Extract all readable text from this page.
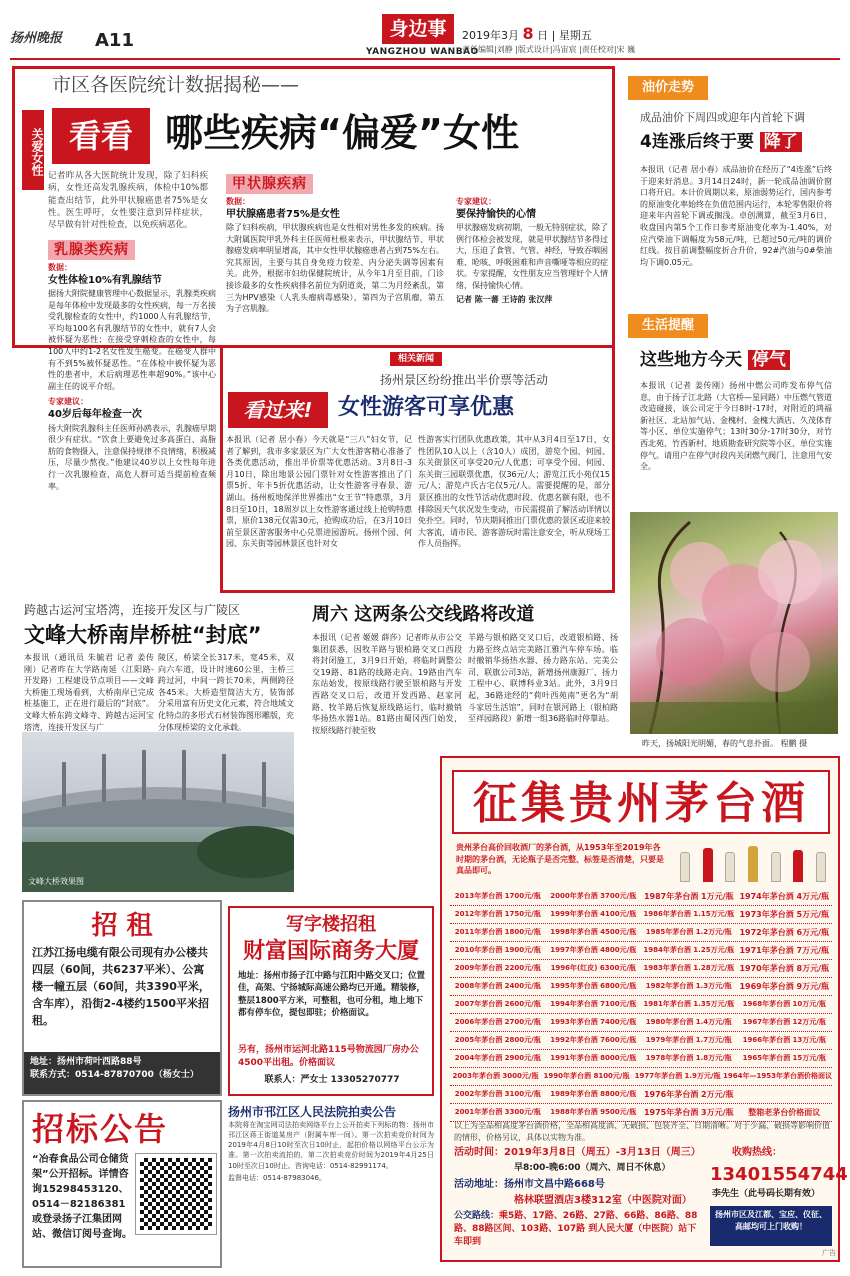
扬州晚报 A11
身边事
YANGZHOU WANBAO
2019年3月 8 日 | 星期五
责任编辑|刘静 |版式设计|冯宙宸 |责任校对|宋 巍
关爱女性
市区各医院统计数据揭秘——
看看 哪些疾病“偏爱”女性

记者昨从各大医院统计发现，除了妇科疾病，女性还高发乳腺疾病，体检中10%都能查出结节，此外甲状腺癌患者75%是女性。医生呼吁，女性要注意到异样症状，尽早做有针对性检查，以免疾病恶化。

乳腺类疾病
数据：
女性体检10%有乳腺结节

据扬大附院健康管理中心数据显示，乳腺类疾病是每年体检中发现最多的女性疾病，每一万名接受乳腺检查的女性中，约1000人有乳腺结节，平均每100名有乳腺结节的女性中，就有7人会被怀疑为恶性；在接受穿刺检查的女性中，每100人中约1-2名女性发生癌变。在癌变人群中有不到5%被怀疑恶性。“在体检中被怀疑为恶性的患者中，术后病理恶性率超90%。”该中心副主任的说平介绍。

专家建议：
40岁后每年检查一次

扬大附院乳腺科主任医师孙鸥表示，乳腺癌早期很少有症状。“饮食上要避免过多高蛋白、高脂肪的食物摄入，注意保持规律不良情绪，积极减压，尽量少熬夜。”他建议40岁以上女性每年进行一次乳腺检查，高危人群可适当提前检查频率。

甲状腺疾病
数据：
甲状腺癌患者75%是女性

除了妇科疾病，甲状腺疾病也是女性相对男性多发的疾病。扬大附属医院甲乳外科主任医师杜根来表示，甲状腺结节、甲状腺癌发病率明显增高，其中女性甲状腺癌患者占到75%左右。究其原因，主要与其自身免疫力较差、内分泌失调等因素有关。此外，根据市妇幼保健院统计，从今年1月至目前，门诊接诊最多的女性疾病排名前位为阴道炎，第二为月经紊乱，第三为HPV感染（人乳头瘤病毒感染），第四为子宫肌瘤，第五为子宫肌腺。

专家建议：
要保持愉快的心情

甲状腺癌发病初期，一般无特别症状，除了例行体检会被发现，就是甲状腺结节多得过大，压迫了食管、气管、神经，导致吞咽困难、呛咳、呼吸困难和声音嘶哑等相应的症状。专家提醒，女性朋友应当管理好个人情绪，保持愉快心情。

记者 陈一蕃 王诗韵 张汉萍

相关新闻
扬州景区纷纷推出半价票等活动
看过来!	女性游客可享优惠

本报讯（记者 居小春）今天就是“三八”妇女节，记者了解到，我市多家景区为广大女性游客精心准备了各类优惠活动，推出半价票等优惠活动。3月8日-3月10日，除出地景公园门票针对女性游客推出了门票5折、年卡5折优惠活动，让女性游客寻春景、游湖山。扬州板地保洋世界推出“女王节”特惠票，3月8日至10日，18周岁以上女性游客通过线上抢购特惠票，原价138元仅需30元，抢购成功后，在3月10日前至景区游客服务中心兑票进园游玩。扬州个园、何园、东关街等园林景区也针对女

性游客实行团队优惠政策，其中从3月4日至17日，女性团队10人以上（含10人）成团，游览个园、何园、东关街景区可享受20元/人优惠；可享受个园、何园、东关街三园联票优惠，仅36元/人；游览江氏小苑仅15元/人；游览卢氏古宅仅5元/人。需要提醒的是，部分景区推出的女性节活动优惠时段、优惠名额有限，也不排除因天气状况发生变动，市民需提前了解活动详情以免扑空。同时，节庆期间推出门票优惠的景区或迎来较大客流，请市民、游客游玩时需注意安全，听从现场工作人员指挥。

油价走势
成品油价下周四或迎年内首轮下调
4连涨后终于要 降了

本报讯（记者 居小春）成品油价在经历了“4连涨”后终于迎来好消息。3月14日24时，新一轮成品油调价窗口将开启。本计价周期以来，原油弱势运行，国内参考的原油变化率始终在负值范围内运行，本轮零售限价将迎来年内首轮下调或搁浅。卓创测算，截至3月6日，收盘国内第5个工作日参考原油变化率为-1.40%，对应汽柴油下调幅度为58元/吨，已超过50元/吨的调价红线。按目前调整幅度折合升价，92#汽油与0#柴油均下调0.05元。

生活提醒
这些地方今天 停气

本报讯（记者 姜传刚）扬州中燃公司昨发布停气信息，由于扬子江北路（大官桥—星同路）中压燃气管道改造碰接，该公司定于今日8时-17时，对附近的鸿福新社区、北站加气站、金槐村、金槐大酒店、久茂体育等小区、单位实施停气；13时30分-17时30分，对竹西北苑、竹西新村、地质勘查研究院等小区、单位实施停气。请用户在停气时段内关闭燃气阀门，注意用气安全。

昨天，扬城阳光明媚，春的气息扑面。 程鹏 摄
跨越古运河宝塔湾，连接开发区与广陵区
文峰大桥南岸桥桩“封底”

本报讯（通讯员 朱毓君 记者 姜传刚）记者昨在大学路南延（江阳路-开发路）工程建设节点项目——文峰大桥施工现场看到，大桥南岸已完成桩基施工，正在进行最后的“封底”。文峰大桥东跨文峰寺、跨越古运河宝塔湾，连接开发区与广

陵区，桥梁全长317米，宽45米，双向六车道，设计时速60公里，主桥三跨过河，中间一跨长70米，两侧跨径各45米。大桥造型简洁大方，装饰部分采用富有历史文化元素，符合地域文化特点的多形式石材装饰图形雕版，充分体现桥梁的文化承载。

文峰大桥效果图
周六 这两条公交线路将改道

本报讯（记者 姬媛 薛莎）记者昨从市公交集团获悉，因牧羊路与银柏路交叉口西段将封闭施工，3月9日开始，将临时调整公交19路、81路的线路走向。19路由汽车东站始发，按原线路行驶至银柏路与开发西路交叉口后，改道开发西路、赵家河路、牧羊路后恢复原线路运行，临时撤销华扬热水器1站。81路由蜀冈西门始发，按原线路行驶至牧

羊路与银柏路交叉口后，改道银柏路、扬力路至终点站完美路江雅汽车停车场。临时撤销华扬热水器、扬力路东站、完美公司、联旗公司3站，新增扬州康源厂、扬力工程中心、联博科业3站。此外，3月9日起，36路途经的“荷叶西苑南”更名为“胡斗家居生活馆”，同时在银河路上（银柏路至祥园路段）新增一组36路临时停靠站。

征集贵州茅台酒
贵州茅台高价回收酒厂的茅台酒，从1953年至2019年各时期的茅台酒，无论瓶子是否完整、标签是否清楚，只要是真品即可。
2013年茅台酒 1700元/瓶	2000年茅台酒 3700元/瓶 1987年茅台酒 1万元/瓶 1974年茅台酒 4万元/瓶
2012年茅台酒 1750元/瓶	1999年茅台酒 4100元/瓶	1986年茅台酒 1.15万元/瓶 1973年茅台酒 5万元/瓶
2011年茅台酒 1800元/瓶	1998年茅台酒 4500元/瓶	1985年茅台酒 1.2万元/瓶 1972年茅台酒 6万元/瓶
2010年茅台酒 1900元/瓶	1997年茅台酒 4800元/瓶	1984年茅台酒 1.25万元/瓶 1971年茅台酒 7万元/瓶
2009年茅台酒 2200元/瓶	1996年(红皮) 6300元/瓶	1983年茅台酒 1.28万元/瓶 1970年茅台酒 8万元/瓶
2008年茅台酒 2400元/瓶	1995年茅台酒 6800元/瓶	1982年茅台酒 1.3万元/瓶 1969年茅台酒 9万元/瓶
2007年茅台酒 2600元/瓶	1994年茅台酒 7100元/瓶	1981年茅台酒 1.35万元/瓶	1968年茅台酒 10万元/瓶
2006年茅台酒 2700元/瓶	1993年茅台酒 7400元/瓶	1980年茅台酒 1.4万元/瓶	1967年茅台酒 12万元/瓶
2005年茅台酒 2800元/瓶	1992年茅台酒 7600元/瓶	1979年茅台酒 1.7万元/瓶	1966年茅台酒 13万元/瓶
2004年茅台酒 2900元/瓶	1991年茅台酒 8000元/瓶	1978年茅台酒 1.8万元/瓶	1965年茅台酒 15万元/瓶
2003年茅台酒 3000元/瓶 1990年茅台酒 8100元/瓶 1977年茅台酒 1.9万元/瓶 1964年—1953年茅台酒价格面议
2002年茅台酒 3100元/瓶	1989年茅台酒 8800元/瓶 1976年茅台酒 2万元/瓶
2001年茅台酒 3300元/瓶	1988年茅台酒 9500元/瓶 1975年茅台酒 3万元/瓶	整箱老茅台价格面议
以上为全品相高度茅台酒价格，全品相高度酒、无破损、包装齐全、日期清晰。对于少漏、破损等影响价值的情形，价格另议，具体以实物为准。
活动时间：2019年3月8日（周五）-3月13日（周三）
早8:00-晚6:00（周六、周日不休息）
活动地址：扬州市文昌中路668号
格林联盟酒店3楼312室（中医院对面）
公交路线：乘5路、17路、26路、27路、66路、86路、88路、88路区间、103路、107路 到人民大厦（中医院）站下车即到
收购热线：
13401554744
李先生（此号码长期有效）
扬州市区及江都、宝应、仪征、高邮均可上门收购！
广告
招 租
江苏江扬电缆有限公司现有办公楼共四层（60间，共6237平米）、公寓楼一幢五层（60间，共3390平米，含车库），沿街2-4楼约1500平米招租。
地址：扬州市荷叶西路88号
联系方式：0514-87870700（杨女士）
写字楼招租
财富国际商务大厦
地址：扬州市扬子江中路与江阳中路交叉口；位置佳，高架、宁扬城际高速公路均已开通。精装修，整层1800平方米，可整租，也可分租，地上地下都有停车位，提包即驻；价格面议。
另有，扬州市运河北路115号物流园厂房办公4500平出租。价格面议
联系人：严女士 13305270777
扬州市邗江区人民法院拍卖公告

本院将在淘宝网司法拍卖网络平台上公开拍卖下列标的物：扬州市邗江区蒋王街道某房产（附属车库一间）。第一次拍卖竞价时间为2019年4月8日10时至次日10时止，起拍价格以网络平台公示为准。第一次拍卖流拍的，第二次拍卖竞价时间为2019年4月25日10时至次日10时止。咨询电话：0514-82991174。

监督电话：0514-87983046。

招标公告
“冶春食品公司仓储货架”公开招标。详情咨询15298453120、0514－82186381或登录扬子江集团网站、微信订阅号查询。
